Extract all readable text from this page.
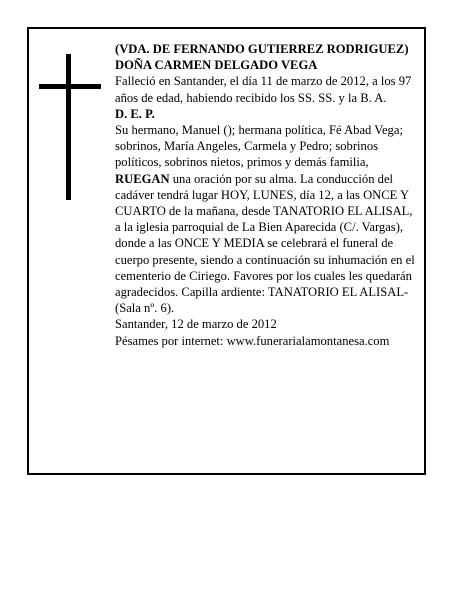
(VDA. DE FERNANDO GUTIERREZ RODRIGUEZ)

DOÑA CARMEN DELGADO VEGA

Falleció en Santander, el día 11 de marzo de 2012, a los 97 años de edad, habiendo recibido los SS. SS. y la B. A.

D. E. P.

Su hermano, Manuel (); hermana política, Fé Abad Vega; sobrinos, María Angeles, Carmela y Pedro; sobrinos políticos, sobrinos nietos, primos y demás familia,

RUEGAN una oración por su alma. La conducción del cadáver tendrá lugar HOY, LUNES, día 12, a las ONCE Y CUARTO de la mañana, desde TANATORIO EL ALISAL, a la iglesia parroquial de La Bien Aparecida (C/. Vargas), donde a las ONCE Y MEDIA se celebrará el funeral de cuerpo presente, siendo a continuación su inhumación en el cementerio de Ciriego. Favores por los cuales les quedarán agradecidos. Capilla ardiente: TANATORIO EL ALISAL-(Sala nº. 6).

Santander, 12 de marzo de 2012

Pésames por internet: www.funerarialamontanesa.com
